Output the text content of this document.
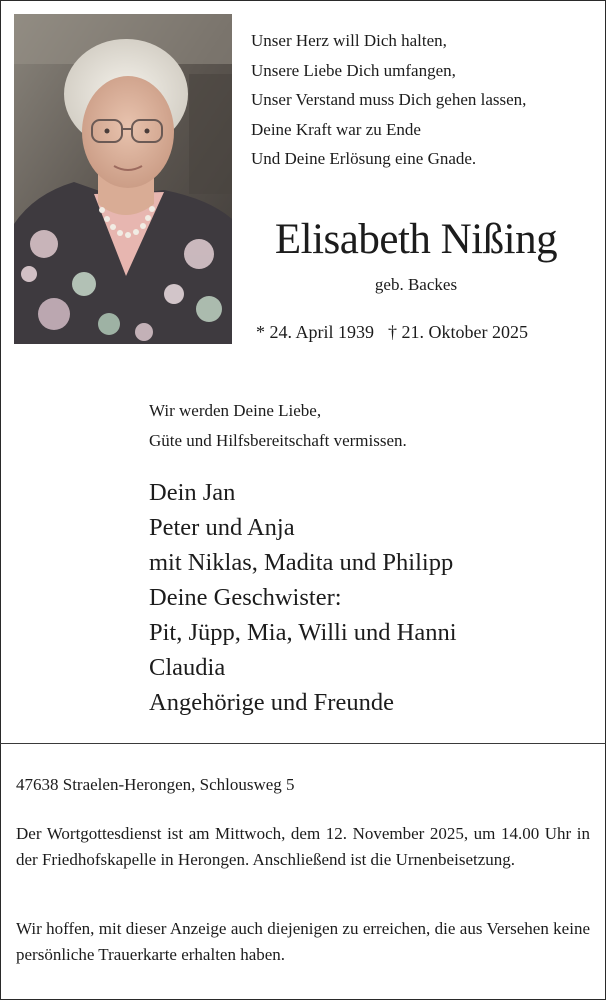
Unser Herz will Dich halten,
Unsere Liebe Dich umfangen,
Unser Verstand muss Dich gehen lassen,
Deine Kraft war zu Ende
Und Deine Erlösung eine Gnade.
Elisabeth Nißing
geb. Backes
* 24. April 1939 † 21. Oktober 2025
Wir werden Deine Liebe,
Güte und Hilfsbereitschaft vermissen.
Dein Jan
Peter und Anja
mit Niklas, Madita und Philipp
Deine Geschwister:
Pit, Jüpp, Mia, Willi und Hanni
Claudia
Angehörige und Freunde
47638 Straelen-Herongen, Schlousweg 5

Der Wortgottesdienst ist am Mittwoch, dem 12. November 2025, um 14.00 Uhr in der Friedhofskapelle in Herongen. Anschließend ist die Urnenbeisetzung.

Wir hoffen, mit dieser Anzeige auch diejenigen zu erreichen, die aus Versehen keine persönliche Trauerkarte erhalten haben.
